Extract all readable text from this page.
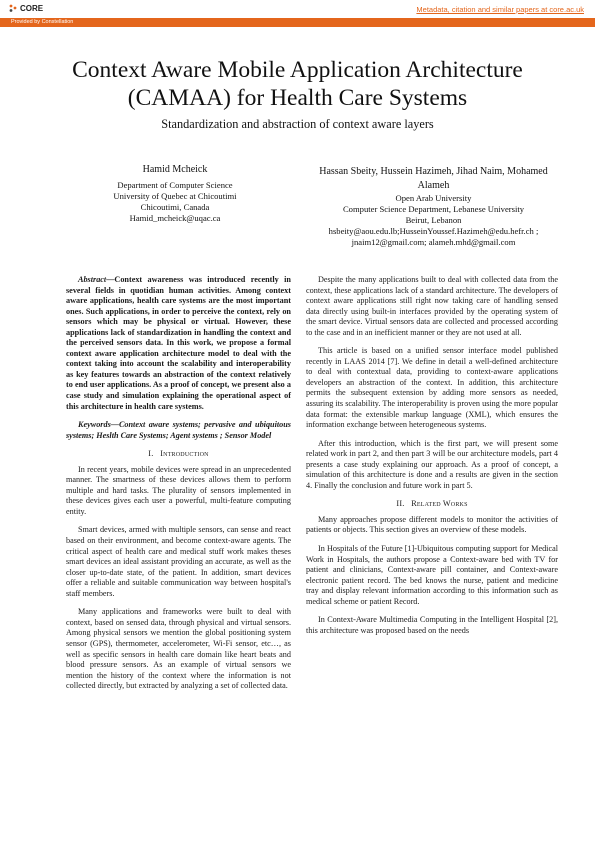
CORE	Metadata, citation and similar papers at core.ac.uk
Provided by Constellation
Context Aware Mobile Application Architecture
(CAMAA) for Health Care Systems
Standardization and abstraction of context aware layers
Hamid Mcheick
Department of Computer Science
University of Quebec at Chicoutimi
Chicoutimi, Canada
Hamid_mcheick@uqac.ca
Hassan Sbeity, Hussein Hazimeh, Jihad Naim, Mohamed Alameh
Open Arab University
Computer Science Department, Lebanese University
Beirut, Lebanon
hsbeity@aou.edu.lb;HusseinYoussef.Hazimeh@edu.hefr.ch ; jnaim12@gmail.com; alameh.mhd@gmail.com

Abstract—Context awareness was introduced recently in several fields in quotidian human activities. Among context aware applications, health care systems are the most important ones. Such applications, in order to perceive the context, rely on sensors which may be physical or virtual. However, these applications lack of standardization in handling the context and the perceived sensors data. In this work, we propose a formal context aware application architecture model to deal with the context taking into account the scalability and interoperability as key features towards an abstraction of the context relatively to end user applications. As a proof of concept, we present also a case study and simulation explaining the operational aspect of this architecture in health care systems.

Keywords—Context aware systems; pervasive and ubiquitous systems; Heslth Care Systems; Agent systems ; Sensor Model

I. Introduction

In recent years, mobile devices were spread in an unprecedented manner. The smartness of these devices allows them to perform multiple and hard tasks. The plurality of sensors implemented in these devices gives each user a powerful, multi-feature computing entity.

Smart devices, armed with multiple sensors, can sense and react based on their environment, and become context-aware agents. The critical aspect of health care and medical stuff work makes theses smart devices an ideal assistant providing an accurate, as well as the closer up-to-date state, of the patient. In addition, smart devices offer a reliable and suitable communication way between hospital's staff members.

Many applications and frameworks were built to deal with context, based on sensed data, through physical and virtual sensors. Among physical sensors we mention the global positioning system sensor (GPS), thermometer, accelerometer, Wi-Fi sensor, etc…, as well as specific sensors in health care domain like heart beats and blood pressure sensors. As an example of virtual sensors we mention the history of the context where the information is not collected directly, but extracted by analyzing a set of collected data.

Despite the many applications built to deal with collected data from the context, these applications lack of a standard architecture. The developers of context aware applications still right now taking care of handling sensed data directly using built-in interfaces provided by the operating system of the smart device. Virtual sensors data are collected and processed according to the case and in an inefficient manner or they are not used at all.

This article is based on a unified sensor interface model published recently in LAAS 2014 [7]. We define in detail a well-defined architecture to deal with contextual data, providing to context-aware applications developers an abstraction of the context. In addition, this architecture permits the subsequent extension by adding more sensors as needed, assuring its scalability. The interoperability is proven using the more popular data format: the extensible markup language (XML), which ensures the information exchange between heterogeneous systems.

After this introduction, which is the first part, we will present some related work in part 2, and then part 3 will be our architecture models, part 4 presents a case study explaining our approach. As a proof of concept, a simulation of this architecture is done and a results are given in the section 4. Finally the conclusion and future work in part 5.

II. Related Works

Many approaches propose different models to monitor the activities of patients or objects. This section gives an overview of these models.

In Hospitals of the Future [1]-Ubiquitous computing support for Medical Work in Hospitals, the authors propose a Context-aware bed with TV for patient and clinicians, Context-aware pill container, and Context-aware electronic patient record. The bed knows the nurse, patient and medicine tray and display relevant information according to this information such as medical scheme or patient Record.

In Context-Aware Multimedia Computing in the Intelligent Hospital [2], this architecture was proposed based on the needs
